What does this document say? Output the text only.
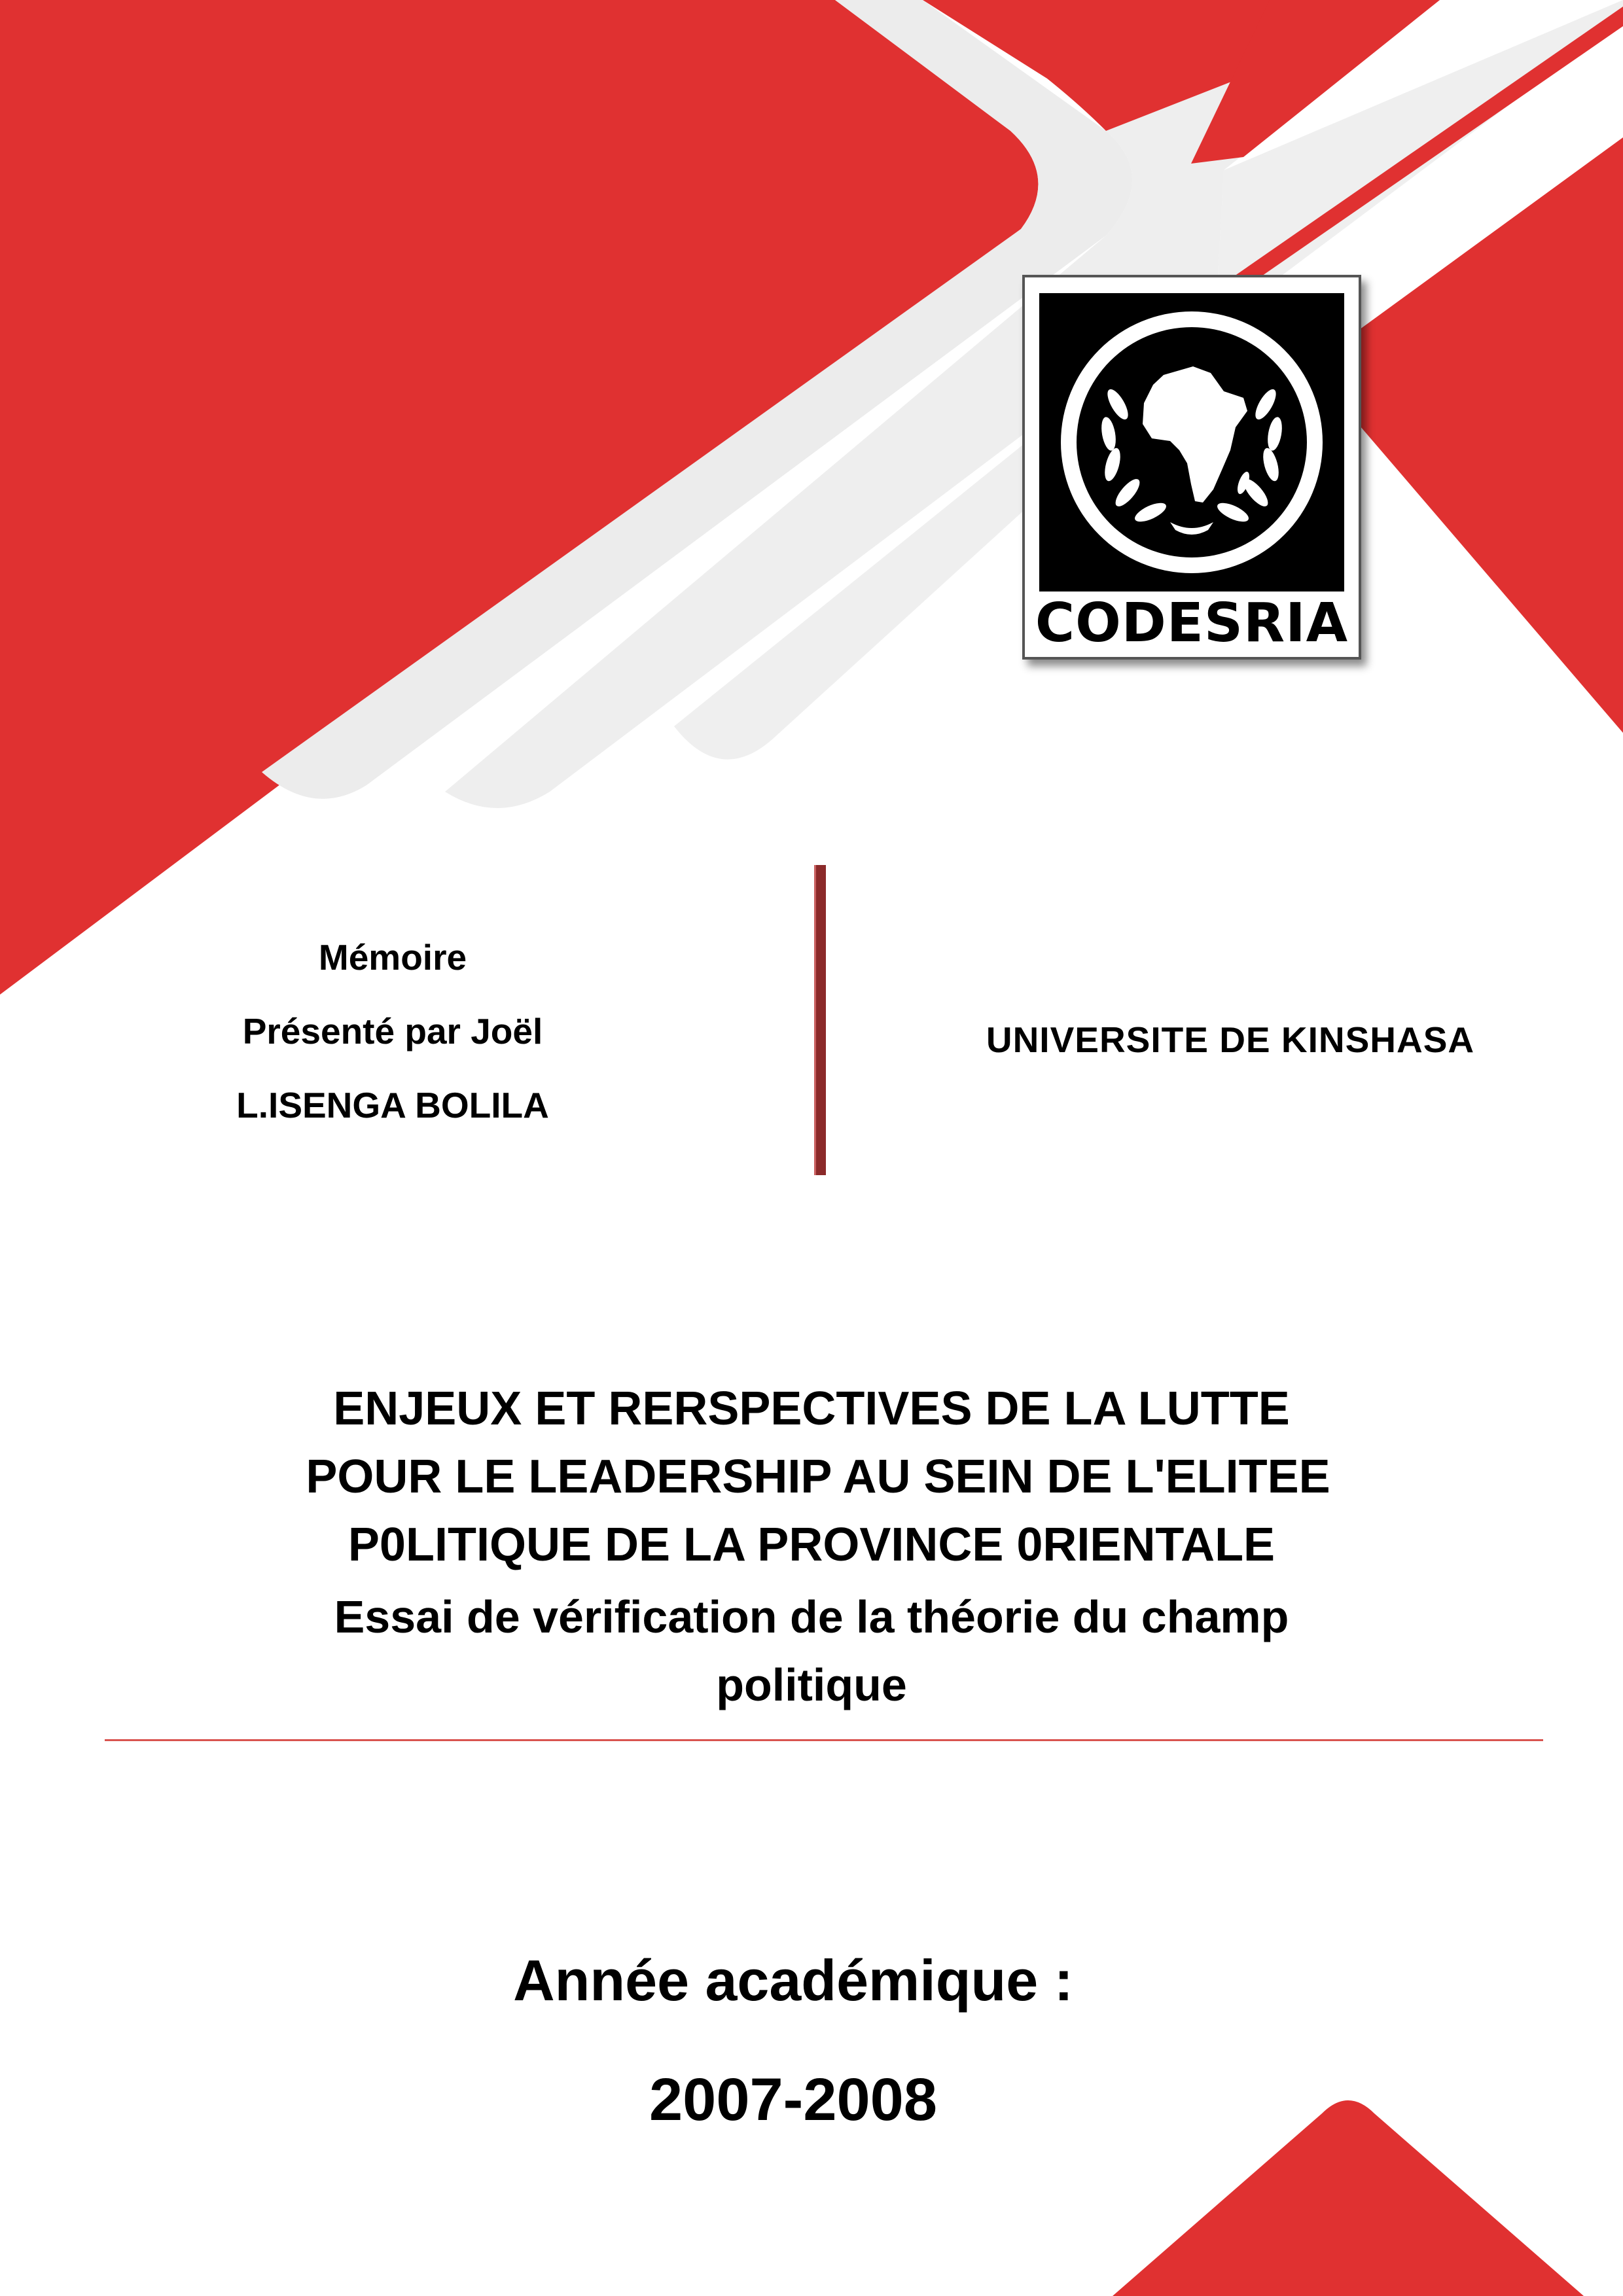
CODESRIA
Mémoire
Présenté par Joël
L.ISENGA BOLILA
UNIVERSITE DE KINSHASA
ENJEUX ET RERSPECTIVES DE LA LUTTE
POUR LE LEADERSHIP AU SEIN DE L'ELITEE
P0LITIQUE DE LA PROVINCE 0RIENTALE
Essai de vérification de la théorie du champ
politique
Année académique :
2007-2008
